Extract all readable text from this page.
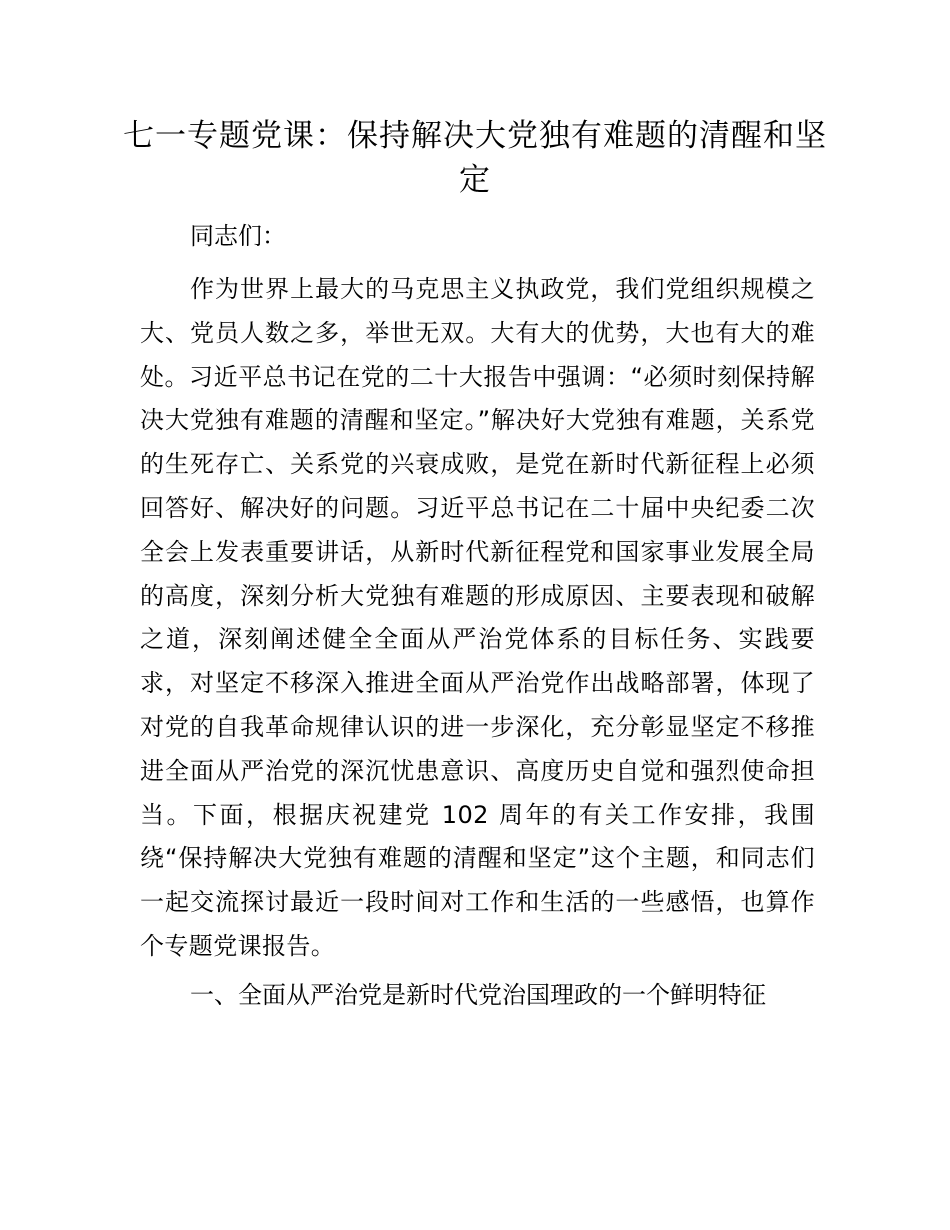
七一专题党课：保持解决大党独有难题的清醒和坚定

同志们：

作为世界上最大的马克思主义执政党，我们党组织规模之大、党员人数之多，举世无双。大有大的优势，大也有大的难处。习近平总书记在党的二十大报告中强调：“必须时刻保持解决大党独有难题的清醒和坚定。”解决好大党独有难题，关系党的生死存亡、关系党的兴衰成败，是党在新时代新征程上必须回答好、解决好的问题。习近平总书记在二十届中央纪委二次全会上发表重要讲话，从新时代新征程党和国家事业发展全局的高度，深刻分析大党独有难题的形成原因、主要表现和破解之道，深刻阐述健全全面从严治党体系的目标任务、实践要求，对坚定不移深入推进全面从严治党作出战略部署，体现了对党的自我革命规律认识的进一步深化，充分彰显坚定不移推进全面从严治党的深沉忧患意识、高度历史自觉和强烈使命担当。下面，根据庆祝建党 102 周年的有关工作安排，我围绕“保持解决大党独有难题的清醒和坚定”这个主题，和同志们一起交流探讨最近一段时间对工作和生活的一些感悟，也算作个专题党课报告。

一、全面从严治党是新时代党治国理政的一个鲜明特征
